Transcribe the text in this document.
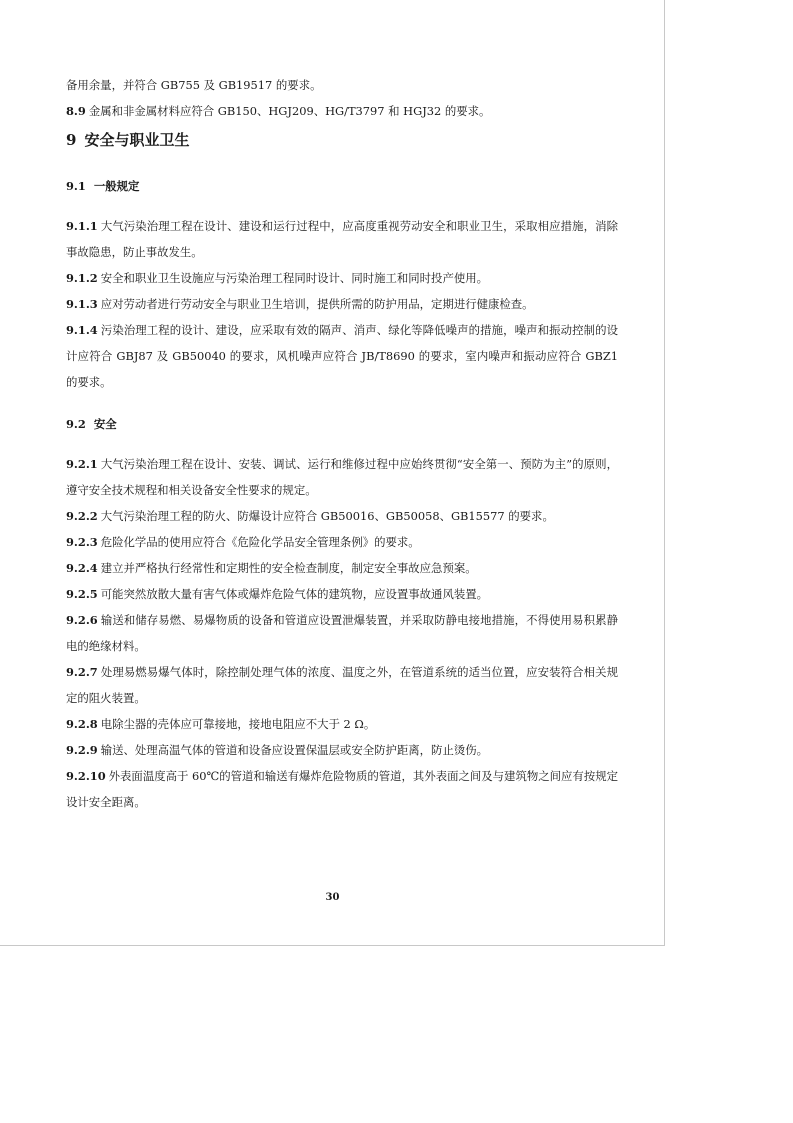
备用余量，并符合 GB755 及 GB19517 的要求。

8.9 金属和非金属材料应符合 GB150、HGJ209、HG/T3797 和 HGJ32 的要求。

9 安全与职业卫生

9.1 一般规定

9.1.1 大气污染治理工程在设计、建设和运行过程中，应高度重视劳动安全和职业卫生，采取相应措施，消除事故隐患，防止事故发生。

9.1.2 安全和职业卫生设施应与污染治理工程同时设计、同时施工和同时投产使用。

9.1.3 应对劳动者进行劳动安全与职业卫生培训，提供所需的防护用品，定期进行健康检查。

9.1.4 污染治理工程的设计、建设，应采取有效的隔声、消声、绿化等降低噪声的措施，噪声和振动控制的设计应符合 GBJ87 及 GB50040 的要求，风机噪声应符合 JB/T8690 的要求，室内噪声和振动应符合 GBZ1 的要求。

9.2 安全

9.2.1 大气污染治理工程在设计、安装、调试、运行和维修过程中应始终贯彻“安全第一、预防为主”的原则，遵守安全技术规程和相关设备安全性要求的规定。

9.2.2 大气污染治理工程的防火、防爆设计应符合 GB50016、GB50058、GB15577 的要求。

9.2.3 危险化学品的使用应符合《危险化学品安全管理条例》的要求。

9.2.4 建立并严格执行经常性和定期性的安全检查制度，制定安全事故应急预案。

9.2.5 可能突然放散大量有害气体或爆炸危险气体的建筑物，应设置事故通风装置。

9.2.6 输送和储存易燃、易爆物质的设备和管道应设置泄爆装置，并采取防静电接地措施，不得使用易积累静电的绝缘材料。

9.2.7 处理易燃易爆气体时，除控制处理气体的浓度、温度之外，在管道系统的适当位置，应安装符合相关规定的阻火装置。

9.2.8 电除尘器的壳体应可靠接地，接地电阻应不大于 2 Ω。

9.2.9 输送、处理高温气体的管道和设备应设置保温层或安全防护距离，防止烫伤。

9.2.10 外表面温度高于 60℃的管道和输送有爆炸危险物质的管道，其外表面之间及与建筑物之间应有按规定设计安全距离。

30
